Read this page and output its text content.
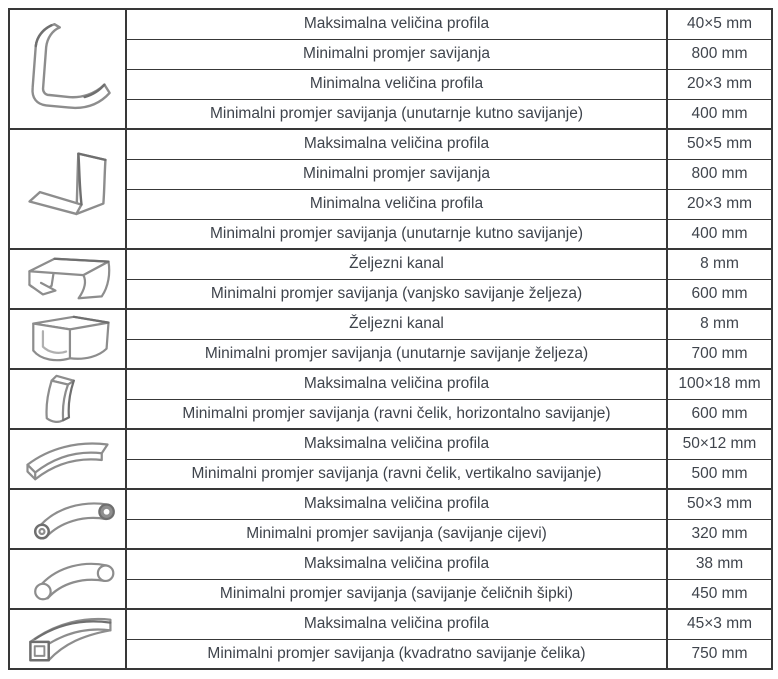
	Maksimalna veličina profila	40×5 mm
	Minimalni promjer savijanja	800 mm
	Minimalna veličina profila	20×3 mm
	Minimalni promjer savijanja (unutarnje kutno savijanje)	400 mm

	Maksimalna veličina profila	50×5 mm
	Minimalni promjer savijanja	800 mm
	Minimalna veličina profila	20×3 mm
	Minimalni promjer savijanja (unutarnje kutno savijanje)	400 mm

	Željezni kanal	8 mm
	Minimalni promjer savijanja (vanjsko savijanje željeza)	600 mm

	Željezni kanal	8 mm
	Minimalni promjer savijanja (unutarnje savijanje željeza)	700 mm

	Maksimalna veličina profila	100×18 mm
	Minimalni promjer savijanja (ravni čelik, horizontalno savijanje)	600 mm

	Maksimalna veličina profila	50×12 mm
	Minimalni promjer savijanja (ravni čelik, vertikalno savijanje)	500 mm

	Maksimalna veličina profila	50×3 mm
	Minimalni promjer savijanja (savijanje cijevi)	320 mm

	Maksimalna veličina profila	38 mm
	Minimalni promjer savijanja (savijanje čeličnih šipki)	450 mm

	Maksimalna veličina profila	45×3 mm
	Minimalni promjer savijanja (kvadratno savijanje čelika)	750 mm
